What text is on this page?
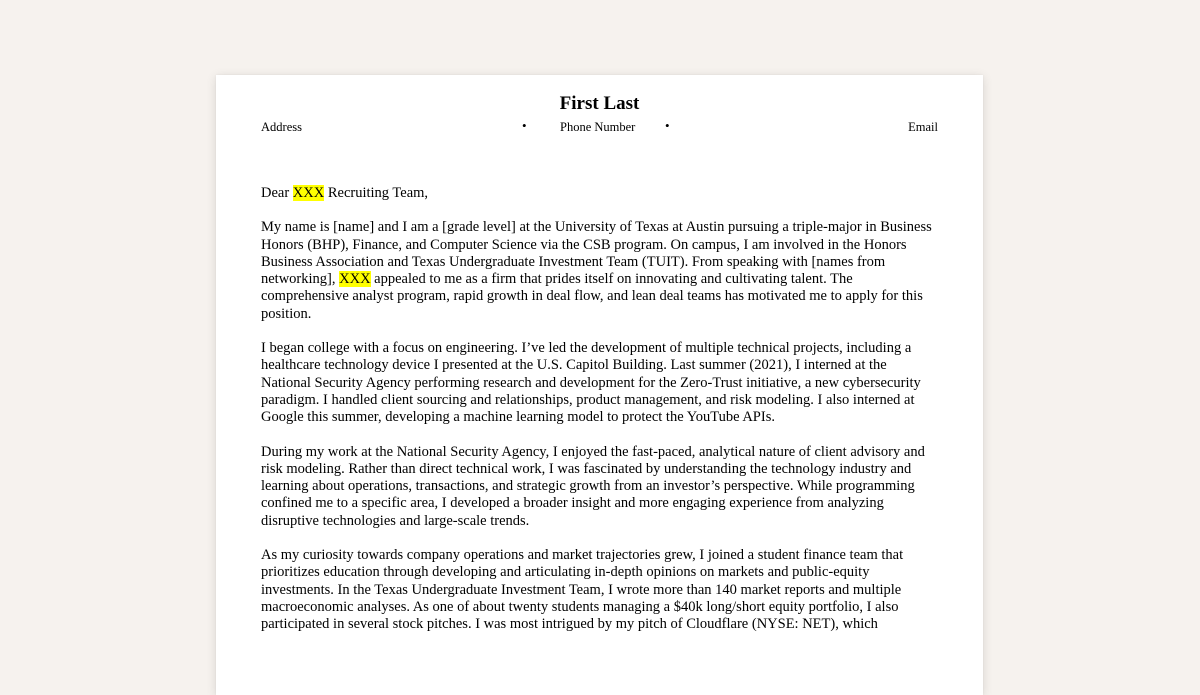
First Last
Address	•	Phone Number •	Email

Dear XXX Recruiting Team,

My name is [name] and I am a [grade level] at the University of Texas at Austin pursuing a triple-major in Business Honors (BHP), Finance, and Computer Science via the CSB program. On campus, I am involved in the Honors Business Association and Texas Undergraduate Investment Team (TUIT). From speaking with [names from networking], XXX appealed to me as a firm that prides itself on innovating and cultivating talent. The comprehensive analyst program, rapid growth in deal flow, and lean deal teams has motivated me to apply for this position.

I began college with a focus on engineering. I’ve led the development of multiple technical projects, including a healthcare technology device I presented at the U.S. Capitol Building. Last summer (2021), I interned at the National Security Agency performing research and development for the Zero-Trust initiative, a new cybersecurity paradigm. I handled client sourcing and relationships, product management, and risk modeling. I also interned at Google this summer, developing a machine learning model to protect the YouTube APIs.

During my work at the National Security Agency, I enjoyed the fast-paced, analytical nature of client advisory and risk modeling. Rather than direct technical work, I was fascinated by understanding the technology industry and learning about operations, transactions, and strategic growth from an investor’s perspective. While programming confined me to a specific area, I developed a broader insight and more engaging experience from analyzing disruptive technologies and large-scale trends.

As my curiosity towards company operations and market trajectories grew, I joined a student finance team that prioritizes education through developing and articulating in-depth opinions on markets and public-equity investments. In the Texas Undergraduate Investment Team, I wrote more than 140 market reports and multiple macroeconomic analyses. As one of about twenty students managing a $40k long/short equity portfolio, I also participated in several stock pitches. I was most intrigued by my pitch of Cloudflare (NYSE: NET), which
